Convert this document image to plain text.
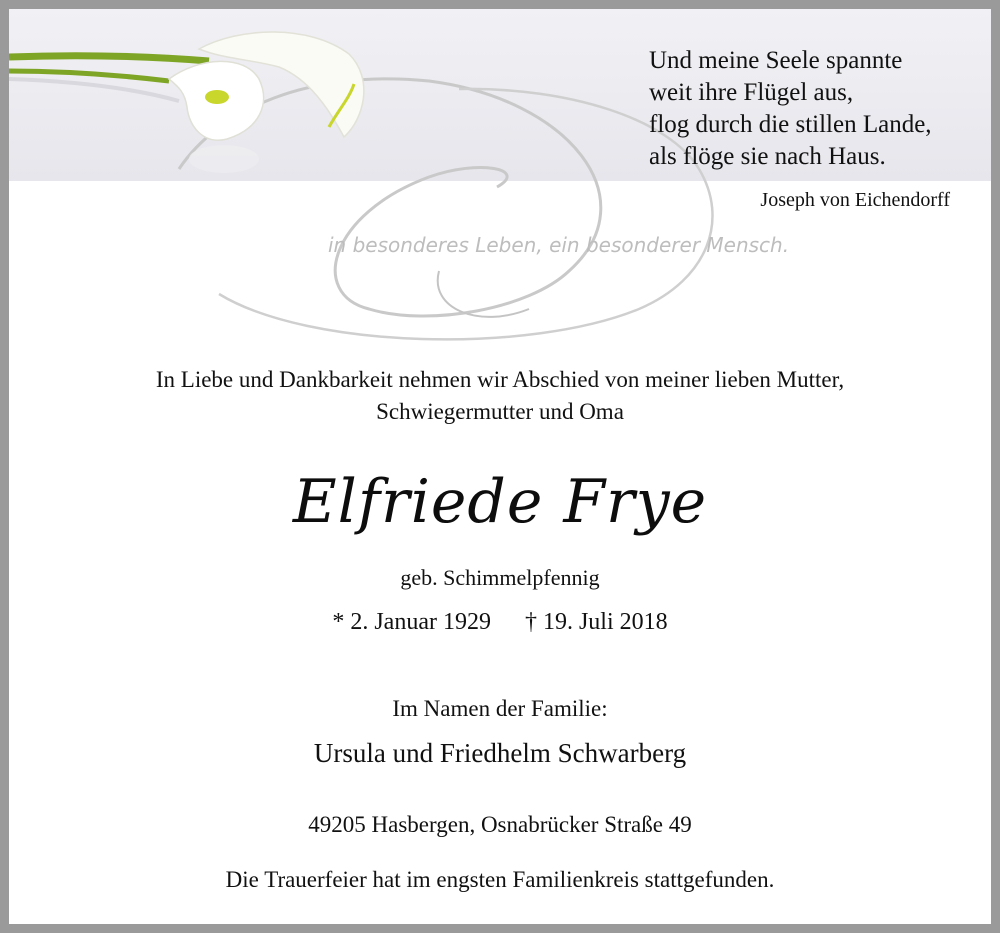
Und meine Seele spannte
weit ihre Flügel aus,
flog durch die stillen Lande,
als flöge sie nach Haus.
Joseph von Eichendorff
in besonderes Leben, ein besonderer Mensch.
In Liebe und Dankbarkeit nehmen wir Abschied von meiner lieben Mutter,
Schwiegermutter und Oma
Elfriede Frye
geb. Schimmelpfennig
* 2. Januar 1929 † 19. Juli 2018
Im Namen der Familie:
Ursula und Friedhelm Schwarberg
49205 Hasbergen, Osnabrücker Straße 49
Die Trauerfeier hat im engsten Familienkreis stattgefunden.
